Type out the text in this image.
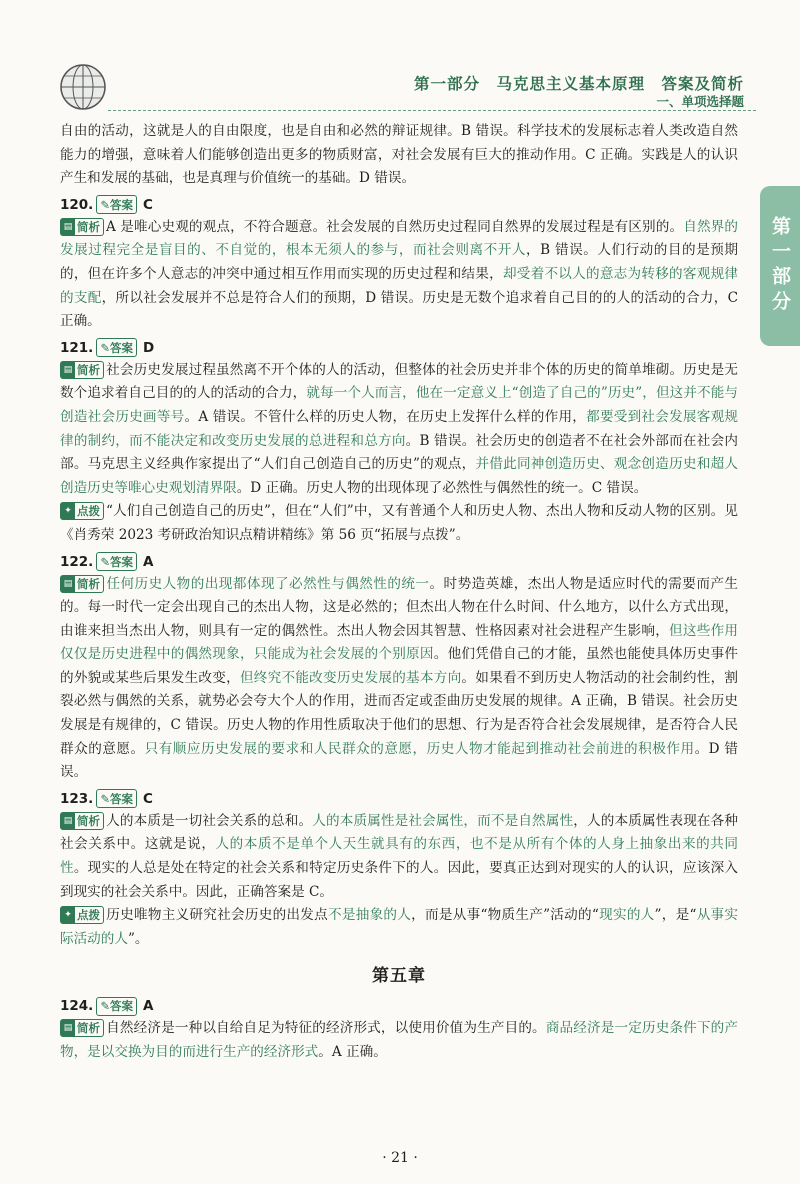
第一部分　马克思主义基本原理　答案及简析
一、单项选择题
第一部分

自由的活动，这就是人的自由限度，也是自由和必然的辩证规律。B 错误。科学技术的发展标志着人类改造自然能力的增强，意味着人们能够创造出更多的物质财富，对社会发展有巨大的推动作用。C 正确。实践是人的认识产生和发展的基础，也是真理与价值统一的基础。D 错误。

120. ✎ 答案 C

▤ 简析 A 是唯心史观的观点，不符合题意。社会发展的自然历史过程同自然界的发展过程是有区别的。自然界的发展过程完全是盲目的、不自觉的，根本无须人的参与，而社会则离不开人，B 错误。人们行动的目的是预期的，但在许多个人意志的冲突中通过相互作用而实现的历史过程和结果，却受着不以人的意志为转移的客观规律的支配，所以社会发展并不总是符合人们的预期，D 错误。历史是无数个追求着自己目的的人的活动的合力，C 正确。

121. ✎ 答案 D

▤ 简析 社会历史发展过程虽然离不开个体的人的活动，但整体的社会历史并非个体的历史的简单堆砌。历史是无数个追求着自己目的的人的活动的合力，就每一个人而言，他在一定意义上“创造了自己的”历史”，但这并不能与创造社会历史画等号。A 错误。不管什么样的历史人物，在历史上发挥什么样的作用，都要受到社会发展客观规律的制约，而不能决定和改变历史发展的总进程和总方向。B 错误。社会历史的创造者不在社会外部而在社会内部。马克思主义经典作家提出了“人们自己创造自己的历史”的观点，并借此同神创造历史、观念创造历史和超人创造历史等唯心史观划清界限。D 正确。历史人物的出现体现了必然性与偶然性的统一。C 错误。

✦ 点拨 “人们自己创造自己的历史”，但在“人们”中，又有普通个人和历史人物、杰出人物和反动人物的区别。见《肖秀荣 2023 考研政治知识点精讲精练》第 56 页“拓展与点拨”。

122. ✎ 答案 A

▤ 简析 任何历史人物的出现都体现了必然性与偶然性的统一。时势造英雄，杰出人物是适应时代的需要而产生的。每一时代一定会出现自己的杰出人物，这是必然的；但杰出人物在什么时间、什么地方，以什么方式出现，由谁来担当杰出人物，则具有一定的偶然性。杰出人物会因其智慧、性格因素对社会进程产生影响，但这些作用仅仅是历史进程中的偶然现象，只能成为社会发展的个别原因。他们凭借自己的才能，虽然也能使具体历史事件的外貌或某些后果发生改变，但终究不能改变历史发展的基本方向。如果看不到历史人物活动的社会制约性，割裂必然与偶然的关系，就势必会夸大个人的作用，进而否定或歪曲历史发展的规律。A 正确，B 错误。社会历史发展是有规律的，C 错误。历史人物的作用性质取决于他们的思想、行为是否符合社会发展规律，是否符合人民群众的意愿。只有顺应历史发展的要求和人民群众的意愿，历史人物才能起到推动社会前进的积极作用。D 错误。

123. ✎ 答案 C

▤ 简析 人的本质是一切社会关系的总和。人的本质属性是社会属性，而不是自然属性，人的本质属性表现在各种社会关系中。这就是说，人的本质不是单个人天生就具有的东西，也不是从所有个体的人身上抽象出来的共同性。现实的人总是处在特定的社会关系和特定历史条件下的人。因此，要真正达到对现实的人的认识，应该深入到现实的社会关系中。因此，正确答案是 C。

✦ 点拨 历史唯物主义研究社会历史的出发点不是抽象的人，而是从事“物质生产”活动的“现实的人”，是“从事实际活动的人”。

第五章
124. ✎ 答案 A

▤ 简析 自然经济是一种以自给自足为特征的经济形式，以使用价值为生产目的。商品经济是一定历史条件下的产物，是以交换为目的而进行生产的经济形式。A 正确。

· 21 ·
